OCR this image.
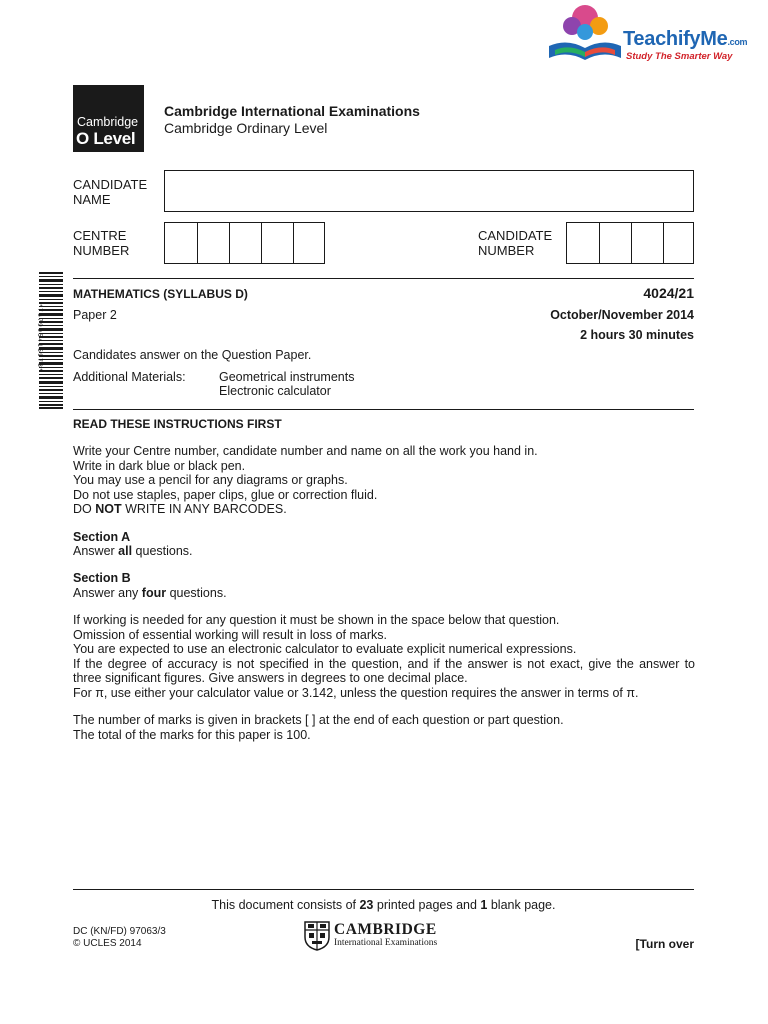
TeachifyMe.com
Study The Smarter Way
Cambridge
O Level
Cambridge International Examinations
Cambridge Ordinary Level
CANDIDATE
NAME
CENTRE
NUMBER
CANDIDATE
NUMBER
* 7 6 7 9 0 5 4 1 5 9 7 3 *
MATHEMATICS (SYLLABUS D)	4024/21
Paper 2	October/November 2014
2 hours 30 minutes
Candidates answer on the Question Paper.
Additional Materials:	Geometrical instruments
Electronic calculator
READ THESE INSTRUCTIONS FIRST
Write your Centre number, candidate number and name on all the work you hand in.
Write in dark blue or black pen.
You may use a pencil for any diagrams or graphs.
Do not use staples, paper clips, glue or correction fluid.
DO NOT WRITE IN ANY BARCODES.
Section A
Answer all questions.
Section B
Answer any four questions.
If working is needed for any question it must be shown in the space below that question.
Omission of essential working will result in loss of marks.
You are expected to use an electronic calculator to evaluate explicit numerical expressions.
If the degree of accuracy is not specified in the question, and if the answer is not exact, give the answer to
three significant figures. Give answers in degrees to one decimal place.
For π, use either your calculator value or 3.142, unless the question requires the answer in terms of π.
The number of marks is given in brackets [ ] at the end of each question or part question.
The total of the marks for this paper is 100.
This document consists of 23 printed pages and 1 blank page.
DC (KN/FD) 97063/3
© UCLES 2014
CAMBRIDGE
International Examinations	[Turn over
